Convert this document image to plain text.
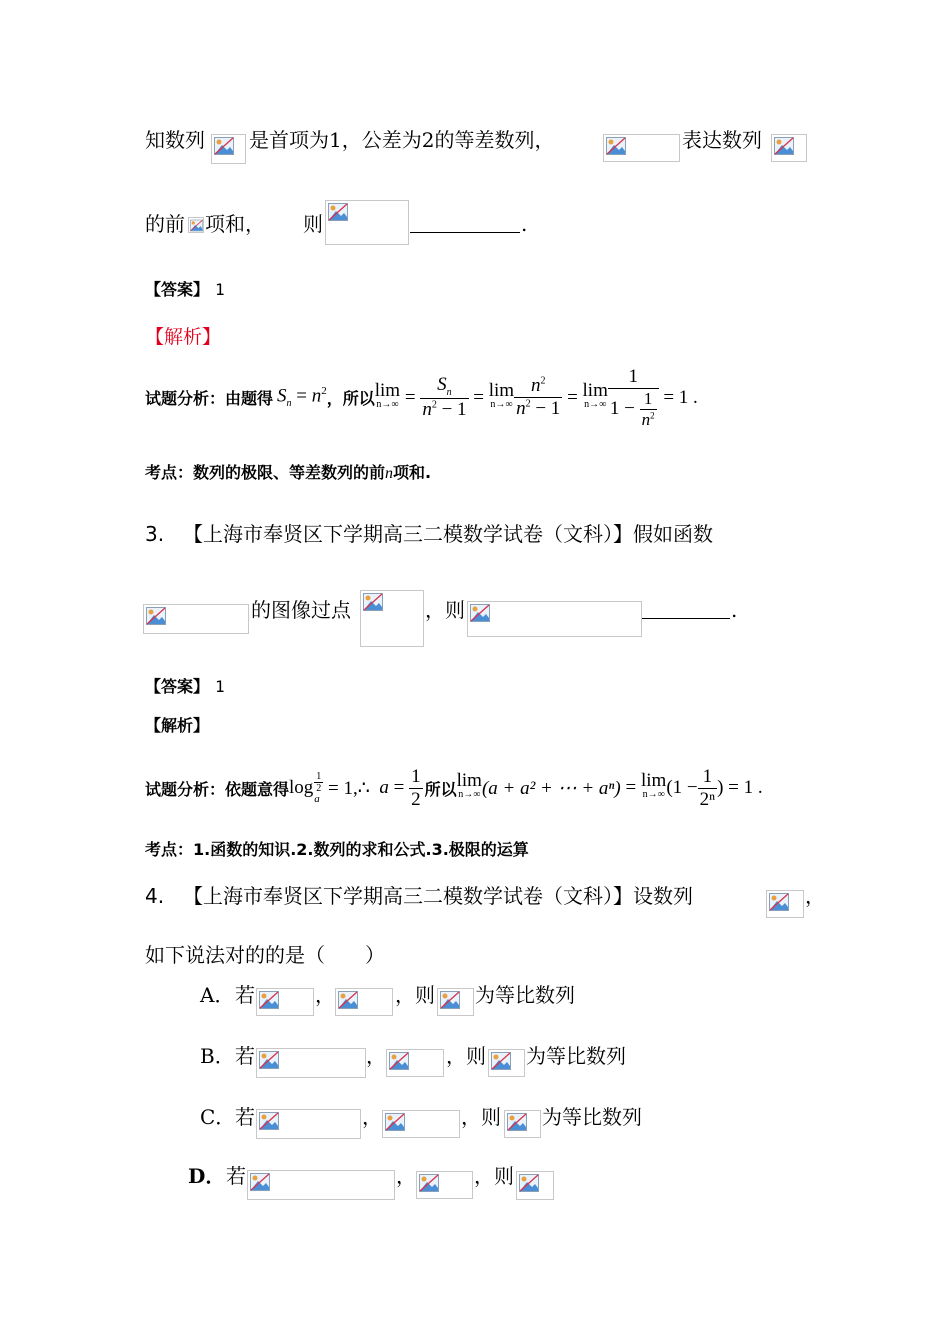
知数列 是首项为1，公差为2的等差数列，	表达数列
的前 项和， 则	.
【答案】 1
【解析】
试题分析：由题得 $S_n = n^2$ ，所以 lim
$n\to\infty = \frac{S_n}{n^2 - 1} = \lim$
$n\to\infty \frac{n^2}{n^2 - 1} = \lim$
$n\to\infty \frac{1}{1 - \frac{1}{n^2}}$
= 1 .
考点：数列的极限、等差数列的前n项和.
3. 【上海市奉贤区下学期高三二模数学试卷（文科）】假如函数
的图像过点	，则	.
【答案】 1
【解析】
试题分析：依题意得 $\log \frac{1}{2}$
a

= 1,∴
$a = \frac{1}{2}$ 所以 lim
n→∞ (a + a² + ⋯ + aⁿ) = lim
n→∞ ($1 - \frac{1}{\text{2ⁿ}}$ )
= 1 .
考点：1.函数的知识.2.数列的求和公式.3.极限的运算
4. 【上海市奉贤区下学期高三二模数学试卷（文科）】设数列	，
如下说法对的的是（　　）
A． 若	，	，则 为等比数列
B． 若	，	，则 为等比数列
C． 若	，	，则 为等比数列
D． 若	，	，则
